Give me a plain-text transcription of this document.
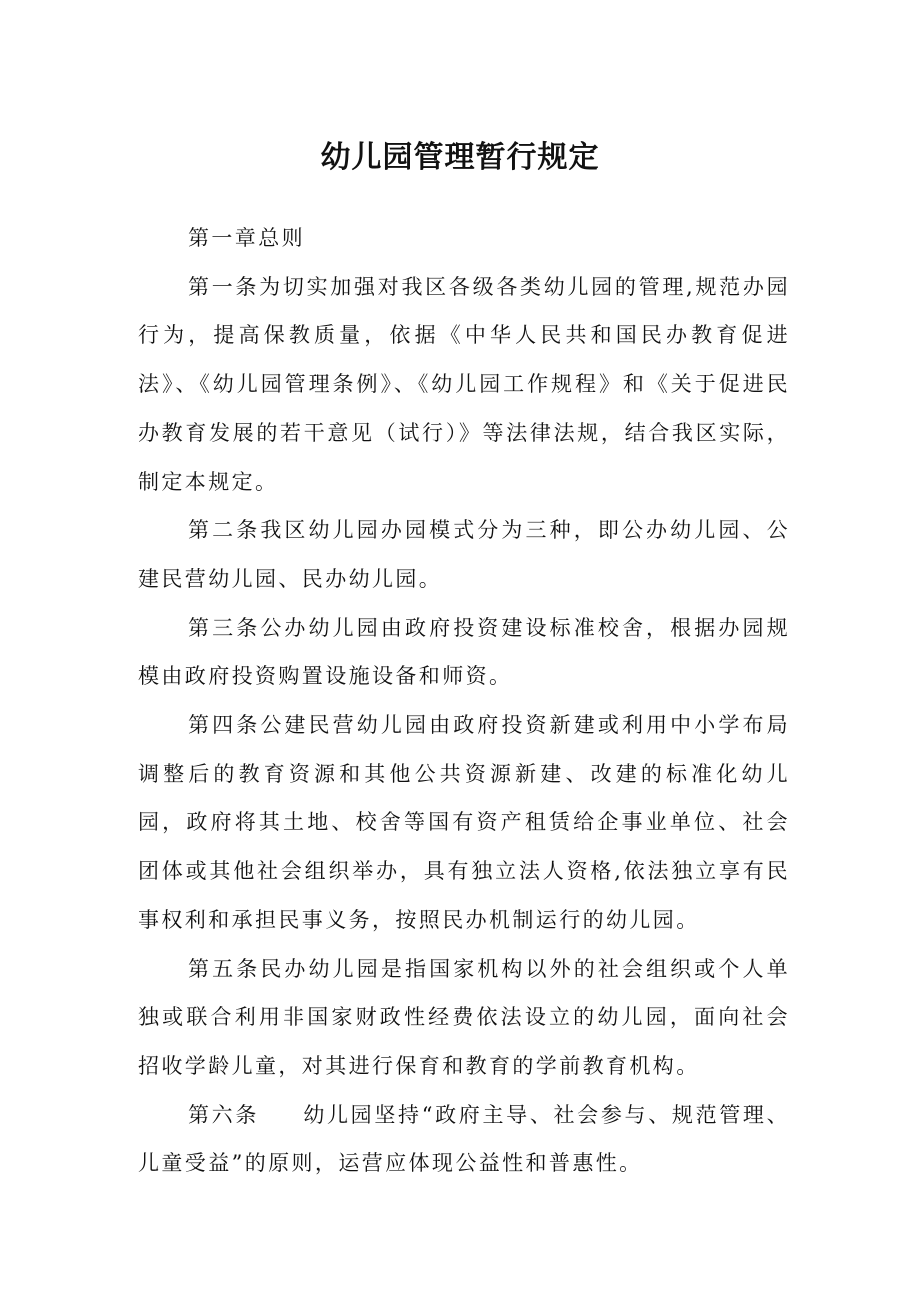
幼儿园管理暂行规定

第一章总则

第一条为切实加强对我区各级各类幼儿园的管理,规范办园行为，提高保教质量，依据《中华人民共和国民办教育促进法》、《幼儿园管理条例》、《幼儿园工作规程》和《关于促进民办教育发展的若干意见（试行）》等法律法规，结合我区实际，制定本规定。

第二条我区幼儿园办园模式分为三种，即公办幼儿园、公建民营幼儿园、民办幼儿园。

第三条公办幼儿园由政府投资建设标准校舍，根据办园规模由政府投资购置设施设备和师资。

第四条公建民营幼儿园由政府投资新建或利用中小学布局调整后的教育资源和其他公共资源新建、改建的标准化幼儿园，政府将其土地、校舍等国有资产租赁给企事业单位、社会团体或其他社会组织举办，具有独立法人资格,依法独立享有民事权利和承担民事义务，按照民办机制运行的幼儿园。

第五条民办幼儿园是指国家机构以外的社会组织或个人单独或联合利用非国家财政性经费依法设立的幼儿园，面向社会招收学龄儿童，对其进行保育和教育的学前教育机构。

第六条 幼儿园坚持“政府主导、社会参与、规范管理、儿童受益”的原则，运营应体现公益性和普惠性。
